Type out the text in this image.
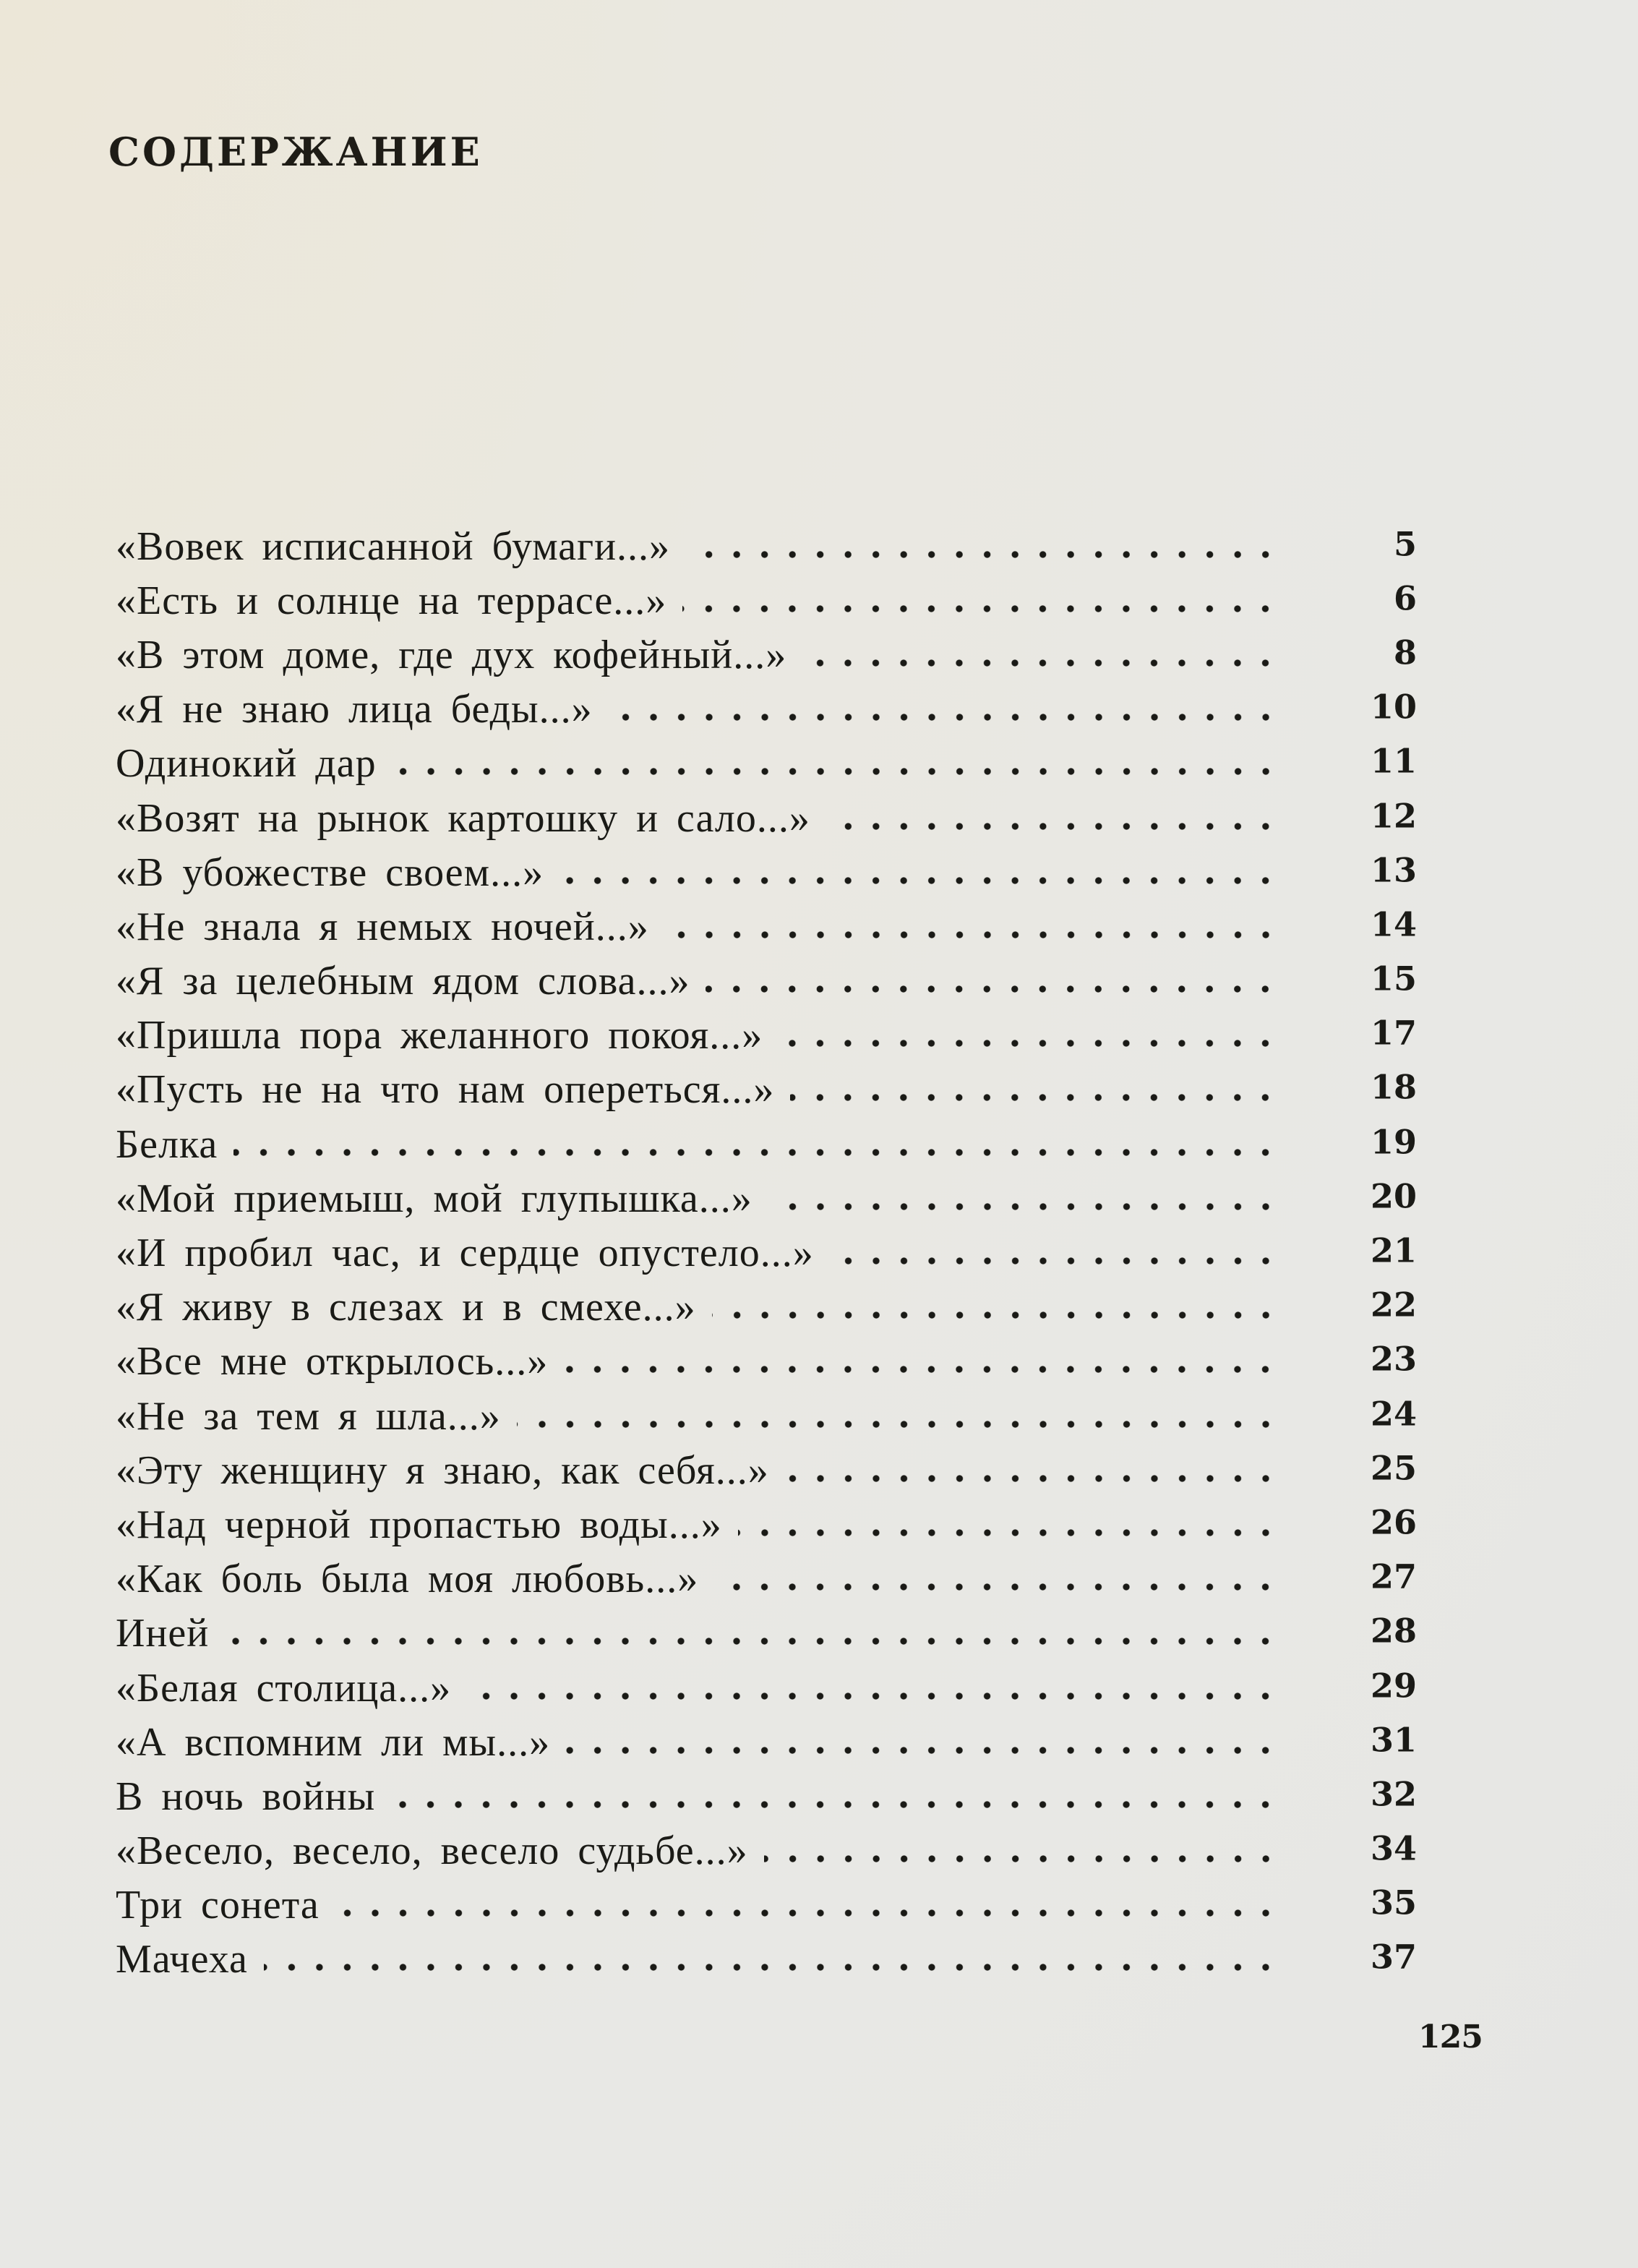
СОДЕРЖАНИЕ
«Вовек исписанной бумаги...»	5
«Есть и солнце на террасе...»	6
«В этом доме, где дух кофейный...»	8
«Я не знаю лица беды...»	10
Одинокий дар	11
«Возят на рынок картошку и сало...»	12
«В убожестве своем...»	13
«Не знала я немых ночей...»	14
«Я за целебным ядом слова...»	15
«Пришла пора желанного покоя...»	17
«Пусть не на что нам опереться...»	18
Белка	19
«Мой приемыш, мой глупышка...»	20
«И пробил час, и сердце опустело...»	21
«Я живу в слезах и в смехе...»	22
«Все мне открылось...»	23
«Не за тем я шла...»	24
«Эту женщину я знаю, как себя...»	25
«Над черной пропастью воды...»	26
«Как боль была моя любовь...»	27
Иней	28
«Белая столица...»	29
«А вспомним ли мы...»	31
В ночь войны	32
«Весело, весело, весело судьбе...»	34
Три сонета	35
Мачеха	37
125
